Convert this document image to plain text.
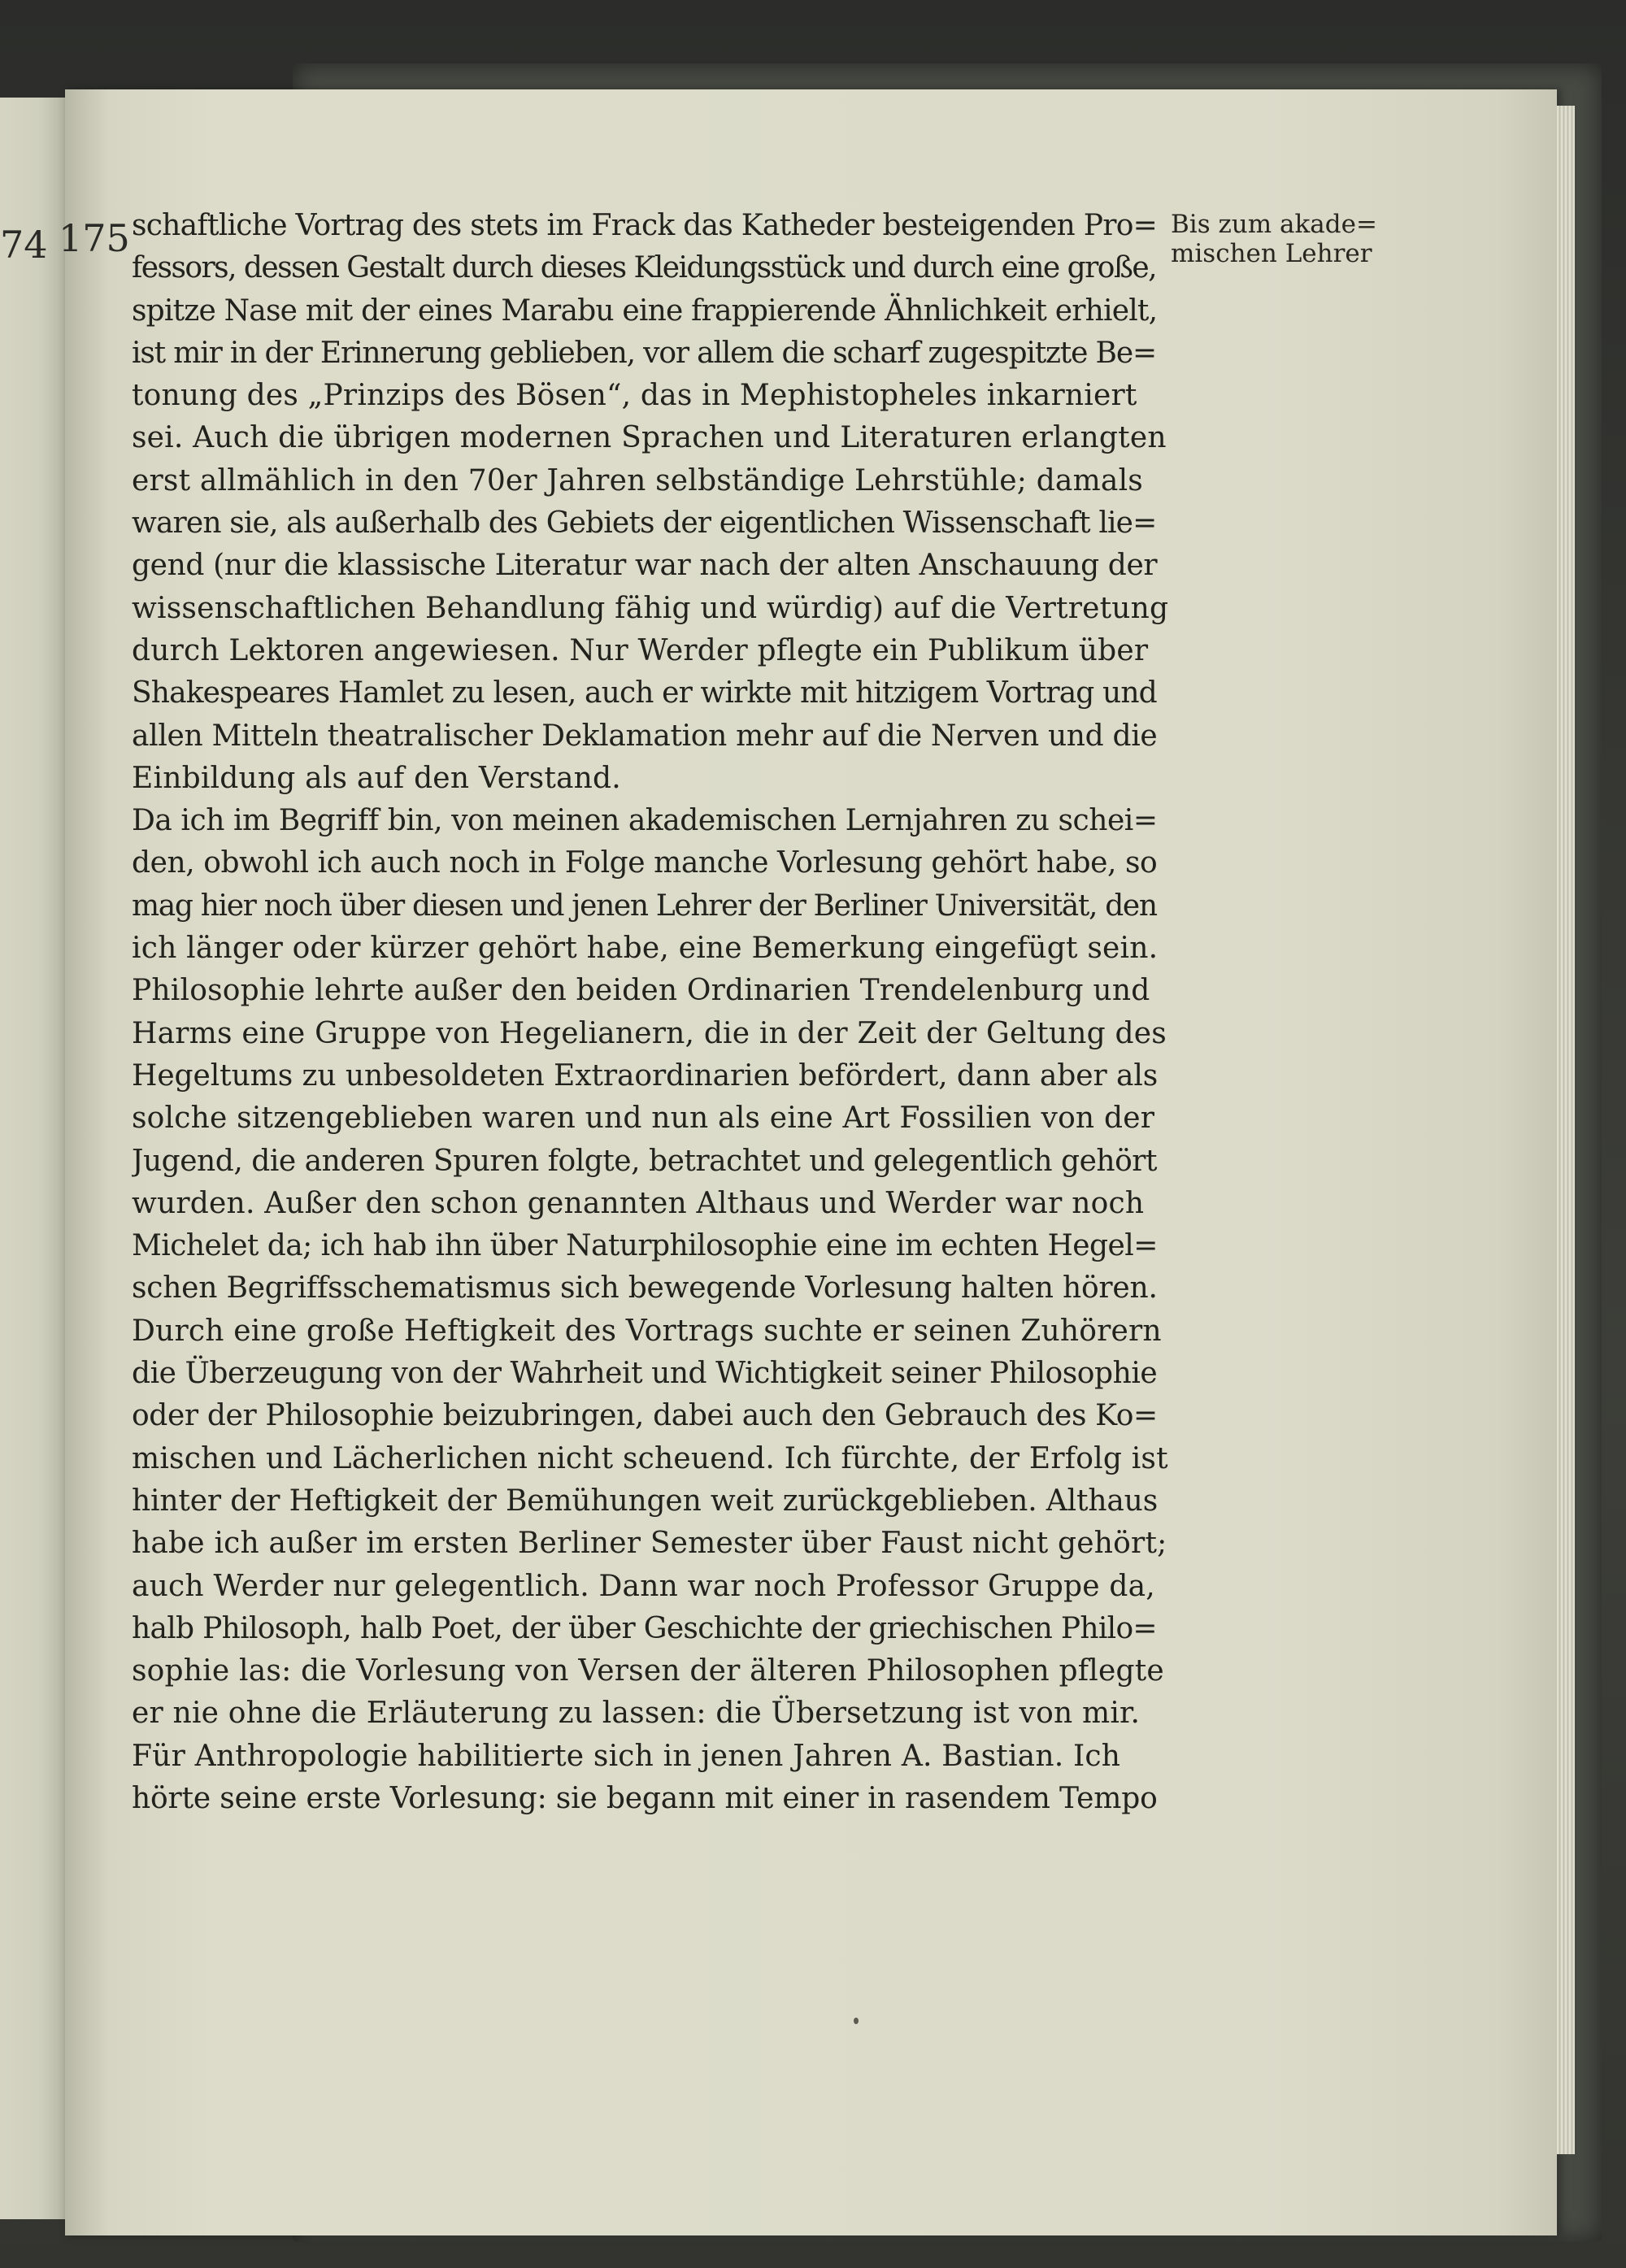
74 175	Bis zum akade=
mischen Lehrer
schaftliche Vortrag des stets im Frack das Katheder besteigenden Pro=
fessors, dessen Gestalt durch dieses Kleidungsstück und durch eine große,
spitze Nase mit der eines Marabu eine frappierende Ähnlichkeit erhielt,
ist mir in der Erinnerung geblieben, vor allem die scharf zugespitzte Be=
tonung des „Prinzips des Bösen“, das in Mephistopheles inkarniert
sei. Auch die übrigen modernen Sprachen und Literaturen erlangten
erst allmählich in den 70er Jahren selbständige Lehrstühle; damals
waren sie, als außerhalb des Gebiets der eigentlichen Wissenschaft lie=
gend (nur die klassische Literatur war nach der alten Anschauung der
wissenschaftlichen Behandlung fähig und würdig) auf die Vertretung
durch Lektoren angewiesen. Nur Werder pflegte ein Publikum über
Shakespeares Hamlet zu lesen, auch er wirkte mit hitzigem Vortrag und
allen Mitteln theatralischer Deklamation mehr auf die Nerven und die
Einbildung als auf den Verstand.
Da ich im Begriff bin, von meinen akademischen Lernjahren zu schei=
den, obwohl ich auch noch in Folge manche Vorlesung gehört habe, so
mag hier noch über diesen und jenen Lehrer der Berliner Universität, den
ich länger oder kürzer gehört habe, eine Bemerkung eingefügt sein.
Philosophie lehrte außer den beiden Ordinarien Trendelenburg und
Harms eine Gruppe von Hegelianern, die in der Zeit der Geltung des
Hegeltums zu unbesoldeten Extraordinarien befördert, dann aber als
solche sitzengeblieben waren und nun als eine Art Fossilien von der
Jugend, die anderen Spuren folgte, betrachtet und gelegentlich gehört
wurden. Außer den schon genannten Althaus und Werder war noch
Michelet da; ich hab ihn über Naturphilosophie eine im echten Hegel=
schen Begriffsschematismus sich bewegende Vorlesung halten hören.
Durch eine große Heftigkeit des Vortrags suchte er seinen Zuhörern
die Überzeugung von der Wahrheit und Wichtigkeit seiner Philosophie
oder der Philosophie beizubringen, dabei auch den Gebrauch des Ko=
mischen und Lächerlichen nicht scheuend. Ich fürchte, der Erfolg ist
hinter der Heftigkeit der Bemühungen weit zurückgeblieben. Althaus
habe ich außer im ersten Berliner Semester über Faust nicht gehört;
auch Werder nur gelegentlich. Dann war noch Professor Gruppe da,
halb Philosoph, halb Poet, der über Geschichte der griechischen Philo=
sophie las: die Vorlesung von Versen der älteren Philosophen pflegte
er nie ohne die Erläuterung zu lassen: die Übersetzung ist von mir.
Für Anthropologie habilitierte sich in jenen Jahren A. Bastian. Ich
hörte seine erste Vorlesung: sie begann mit einer in rasendem Tempo
